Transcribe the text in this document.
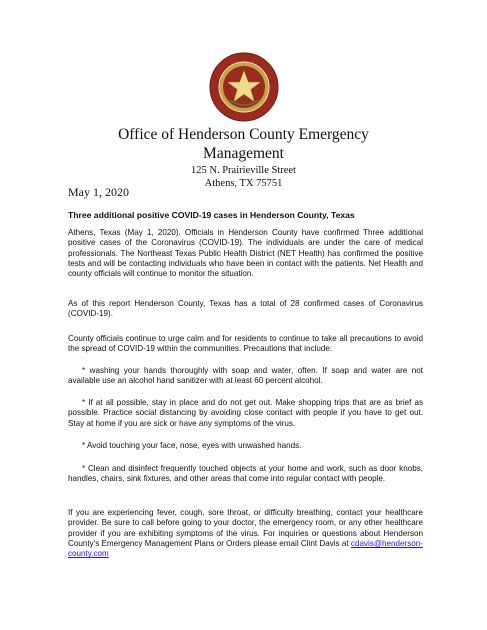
Office of Henderson County Emergency
Management
125 N. Prairieville Street
Athens, TX 75751
May 1, 2020
Three additional positive COVID-19 cases in Henderson County, Texas

Athens, Texas (May 1, 2020). Officials in Henderson County have confirmed Three additional positive cases of the Coronavirus (COVID-19). The individuals are under the care of medical professionals. The Northeast Texas Public Health District (NET Health) has confirmed the positive tests and will be contacting individuals who have been in contact with the patients. Net Health and county officials will continue to monitor the situation.

As of this report Henderson County, Texas has a total of 28 confirmed cases of Coronavirus (COVID-19).

County officials continue to urge calm and for residents to continue to take all precautions to avoid the spread of COVID-19 within the communities. Precautions that include:

* washing your hands thoroughly with soap and water, often. If soap and water are not available use an alcohol hand sanitizer with at least 60 percent alcohol.

* If at all possible, stay in place and do not get out. Make shopping trips that are as brief as possible. Practice social distancing by avoiding close contact with people if you have to get out. Stay at home if you are sick or have any symptoms of the virus.

* Avoid touching your face, nose, eyes with unwashed hands.

* Clean and disinfect frequently touched objects at your home and work, such as door knobs, handles, chairs, sink fixtures, and other areas that come into regular contact with people.

If you are experiencing fever, cough, sore throat, or difficulty breathing, contact your healthcare provider. Be sure to call before going to your doctor, the emergency room, or any other healthcare provider if you are exhibiting symptoms of the virus. For inquiries or questions about Henderson County's Emergency Management Plans or Orders please email Clint Davis at cdavis@henderson-county.com
